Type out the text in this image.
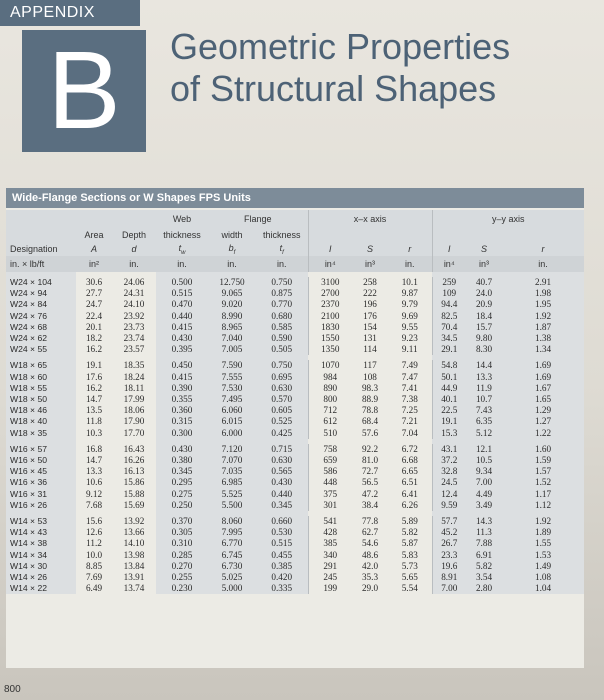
APPENDIX
B	Geometric Properties
of Structural Shapes
Wide-Flange Sections or W Shapes FPS Units
			Web	Flange		x–x axis			y–y axis		
	Area	Depth	thickness	width	thickness						
Designation	A	d	$t_w$	$b_f$	$t_f$	I	S	r	I	S	r
in. × lb/ft	in²	in.	in.	in.	in.	in⁴	in³	in.	in⁴	in³	in.

W24 × 104	30.6	24.06	0.500	12.750	0.750	3100	258	10.1	259	40.7	2.91
W24 × 94	27.7	24.31	0.515	9.065	0.875	2700	222	9.87	109	24.0	1.98
W24 × 84	24.7	24.10	0.470	9.020	0.770	2370	196	9.79	94.4	20.9	1.95
W24 × 76	22.4	23.92	0.440	8.990	0.680	2100	176	9.69	82.5	18.4	1.92
W24 × 68	20.1	23.73	0.415	8.965	0.585	1830	154	9.55	70.4	15.7	1.87
W24 × 62	18.2	23.74	0.430	7.040	0.590	1550	131	9.23	34.5	9.80	1.38
W24 × 55	16.2	23.57	0.395	7.005	0.505	1350	114	9.11	29.1	8.30	1.34

W18 × 65	19.1	18.35	0.450	7.590	0.750	1070	117	7.49	54.8	14.4	1.69
W18 × 60	17.6	18.24	0.415	7.555	0.695	984	108	7.47	50.1	13.3	1.69
W18 × 55	16.2	18.11	0.390	7.530	0.630	890	98.3	7.41	44.9	11.9	1.67
W18 × 50	14.7	17.99	0.355	7.495	0.570	800	88.9	7.38	40.1	10.7	1.65
W18 × 46	13.5	18.06	0.360	6.060	0.605	712	78.8	7.25	22.5	7.43	1.29
W18 × 40	11.8	17.90	0.315	6.015	0.525	612	68.4	7.21	19.1	6.35	1.27
W18 × 35	10.3	17.70	0.300	6.000	0.425	510	57.6	7.04	15.3	5.12	1.22

W16 × 57	16.8	16.43	0.430	7.120	0.715	758	92.2	6.72	43.1	12.1	1.60
W16 × 50	14.7	16.26	0.380	7.070	0.630	659	81.0	6.68	37.2	10.5	1.59
W16 × 45	13.3	16.13	0.345	7.035	0.565	586	72.7	6.65	32.8	9.34	1.57
W16 × 36	10.6	15.86	0.295	6.985	0.430	448	56.5	6.51	24.5	7.00	1.52
W16 × 31	9.12	15.88	0.275	5.525	0.440	375	47.2	6.41	12.4	4.49	1.17
W16 × 26	7.68	15.69	0.250	5.500	0.345	301	38.4	6.26	9.59	3.49	1.12

W14 × 53	15.6	13.92	0.370	8.060	0.660	541	77.8	5.89	57.7	14.3	1.92
W14 × 43	12.6	13.66	0.305	7.995	0.530	428	62.7	5.82	45.2	11.3	1.89
W14 × 38	11.2	14.10	0.310	6.770	0.515	385	54.6	5.87	26.7	7.88	1.55
W14 × 34	10.0	13.98	0.285	6.745	0.455	340	48.6	5.83	23.3	6.91	1.53
W14 × 30	8.85	13.84	0.270	6.730	0.385	291	42.0	5.73	19.6	5.82	1.49
W14 × 26	7.69	13.91	0.255	5.025	0.420	245	35.3	5.65	8.91	3.54	1.08
W14 × 22	6.49	13.74	0.230	5.000	0.335	199	29.0	5.54	7.00	2.80	1.04
800
